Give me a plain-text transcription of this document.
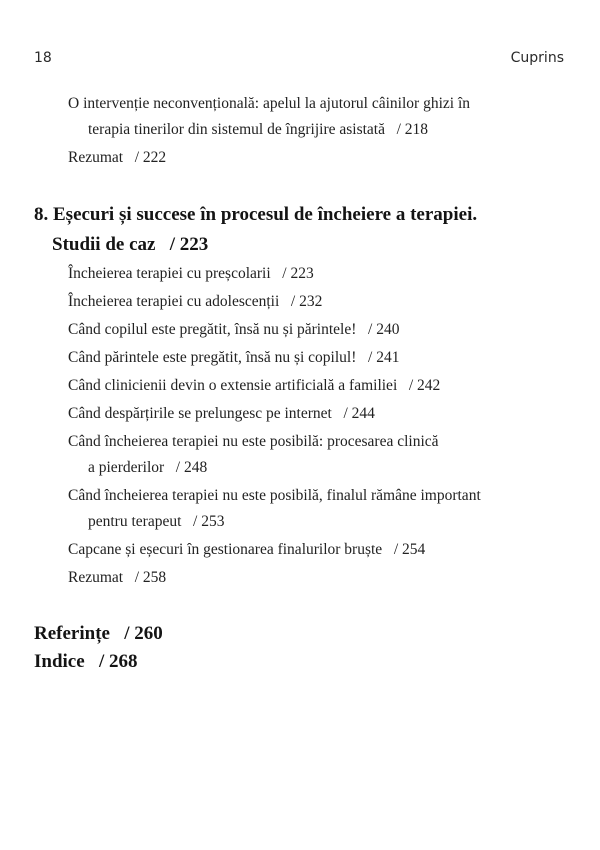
18	Cuprins
O intervenție neconvențională: apelul la ajutorul câinilor ghizi în
terapia tinerilor din sistemul de îngrijire asistată / 218
Rezumat / 222
8. Eșecuri și succese în procesul de încheiere a terapiei.
Studii de caz / 223
Încheierea terapiei cu preșcolarii / 223
Încheierea terapiei cu adolescenții / 232
Când copilul este pregătit, însă nu și părintele! / 240
Când părintele este pregătit, însă nu și copilul! / 241
Când clinicienii devin o extensie artificială a familiei / 242
Când despărțirile se prelungesc pe internet / 244
Când încheierea terapiei nu este posibilă: procesarea clinică
a pierderilor / 248
Când încheierea terapiei nu este posibilă, finalul rămâne important
pentru terapeut / 253
Capcane și eșecuri în gestionarea finalurilor bruște / 254
Rezumat / 258
Referințe / 260
Indice / 268
